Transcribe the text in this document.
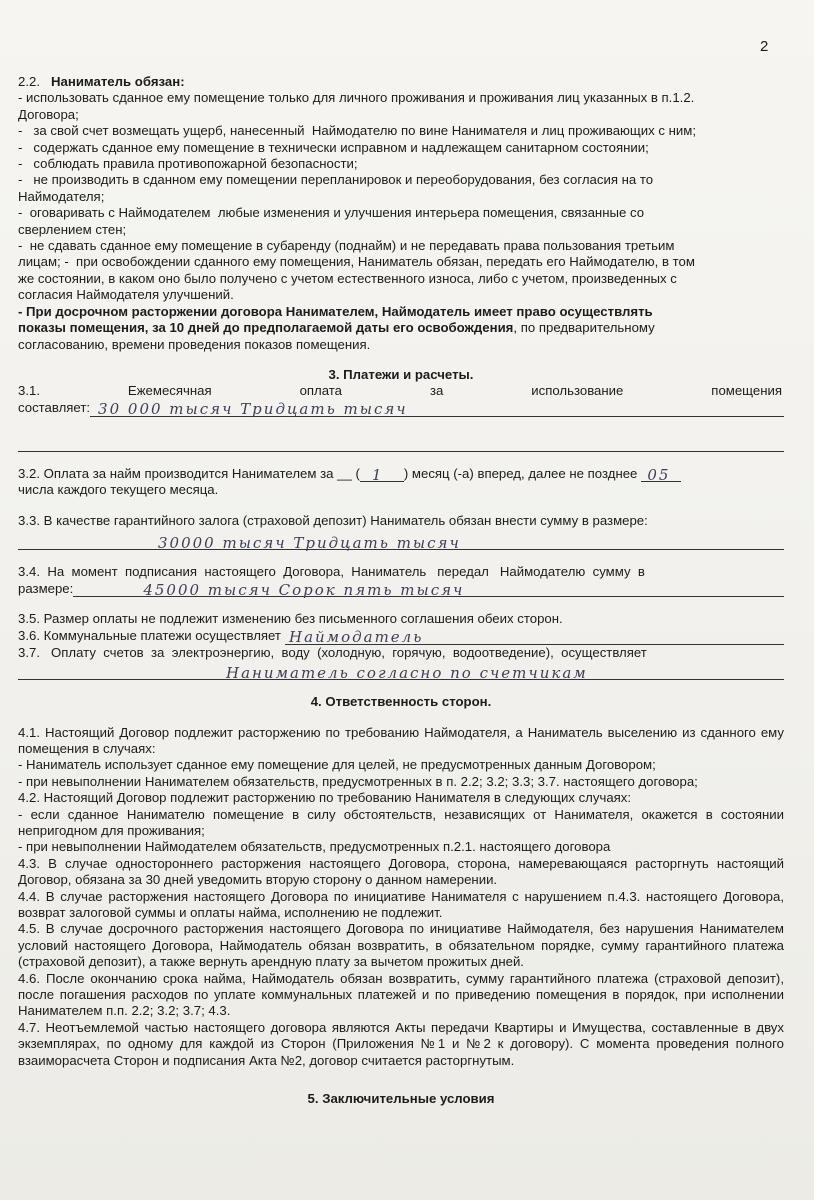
2

2.2. Наниматель обязан:

- использовать сданное ему помещение только для личного проживания и проживания лиц указанных в п.1.2.

Договора;

-   за свой счет возмещать ущерб, нанесенный  Наймодателю по вине Нанимателя и лиц проживающих с ним;

-   содержать сданное ему помещение в технически исправном и надлежащем санитарном состоянии;

-   соблюдать правила противопожарной безопасности;

-   не производить в сданном ему помещении перепланировок и переоборудования, без согласия на то

Наймодателя;

-  оговаривать с Наймодателем  любые изменения и улучшения интерьера помещения, связанные со

сверлением стен;

-  не сдавать сданное ему помещение в субаренду (поднайм) и не передавать права пользования третьим

лицам; -  при освобождении сданного ему помещения, Наниматель обязан, передать его Наймодателю, в том

же состоянии, в каком оно было получено с учетом естественного износа, либо с учетом, произведенных с

согласия Наймодателя улучшений.

- При досрочном расторжении договора Нанимателем, Наймодатель имеет право осуществлять

показы помещения, за 10 дней до предполагаемой даты его освобождения, по предварительному

согласованию, времени проведения показов помещения.

3. Платежи и расчеты.

3.1.	Ежемесячная	оплата	за	использование	помещения
составляет: 30 000 тысяч Тридцать тысяч
3.2. Оплата за найм производится Нанимателем за __ ( 1 ) месяц (-а) вперед, далее не позднее 05

числа каждого текущего месяца.

3.3. В качестве гарантийного залога (страховой депозит) Наниматель обязан внести сумму в размере:

30000 тысяч Тридцать тысяч

3.4.  На  момент  подписания  настоящего  Договора,  Наниматель   передал   Наймодателю  сумму  в

размере:	45000 тысяч Сорок пять тысяч

3.5. Размер оплаты не подлежит изменению без письменного соглашения обеих сторон.

3.6. Коммунальные платежи осуществляет Наймодатель

3.7.   Оплату  счетов  за  электроэнергию,  воду  (холодную,  горячую,  водоотведение),  осуществляет

Наниматель согласно по счетчикам

4. Ответственность сторон.

4.1. Настоящий Договор подлежит расторжению по требованию Наймодателя, а Наниматель выселению из сданного ему помещения в случаях:

- Наниматель использует сданное ему помещение для целей, не предусмотренных данным Договором;

- при невыполнении Нанимателем обязательств, предусмотренных в п. 2.2; 3.2; 3.3; 3.7. настоящего договора;

4.2. Настоящий Договор подлежит расторжению по требованию Нанимателя в следующих случаях:

- если сданное Нанимателю помещение в силу обстоятельств, независящих от Нанимателя, окажется в состоянии непригодном для проживания;

- при невыполнении Наймодателем обязательств, предусмотренных п.2.1. настоящего договора

4.3. В случае одностороннего расторжения настоящего Договора, сторона, намеревающаяся расторгнуть настоящий Договор, обязана за 30 дней уведомить вторую сторону о данном намерении.

4.4. В случае расторжения настоящего Договора по инициативе Нанимателя с нарушением п.4.3. настоящего Договора, возврат залоговой суммы и оплаты найма, исполнению не подлежит.

4.5. В случае досрочного расторжения настоящего Договора по инициативе Наймодателя, без нарушения Нанимателем условий настоящего Договора, Наймодатель обязан возвратить, в обязательном порядке, сумму гарантийного платежа (страховой депозит), а также вернуть арендную плату за вычетом прожитых дней.

4.6. После окончанию срока найма, Наймодатель обязан возвратить, сумму гарантийного платежа (страховой депозит), после погашения расходов по уплате коммунальных платежей и по приведению помещения в порядок, при исполнении Нанимателем п.п. 2.2; 3.2; 3.7; 4.3.

4.7. Неотъемлемой частью настоящего договора являются Акты передачи Квартиры и Имущества, составленные в двух экземплярах, по одному для каждой из Сторон (Приложения №1 и №2 к договору). С момента проведения полного взаиморасчета Сторон и подписания Акта №2, договор считается расторгнутым.

5. Заключительные условия
